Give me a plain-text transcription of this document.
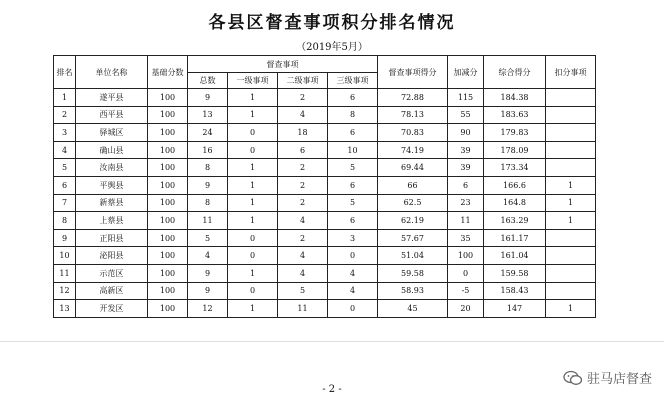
各县区督查事项积分排名情况
（2019年5月）
排名	单位名称	基础分数	督查事项				督查事项得分	加减分	综合得分	扣分事项
			总数	一级事项	二级事项	三级事项				
1	遂平县	100	9	1	2	6	72.88	115	184.38	
2	西平县	100	13	1	4	8	78.13	55	183.63	
3	驿城区	100	24	0	18	6	70.83	90	179.83	
4	确山县	100	16	0	6	10	74.19	39	178.09	
5	汝南县	100	8	1	2	5	69.44	39	173.34	
6	平舆县	100	9	1	2	6	66	6	166.6	1
7	新蔡县	100	8	1	2	5	62.5	23	164.8	1
8	上蔡县	100	11	1	4	6	62.19	11	163.29	1
9	正阳县	100	5	0	2	3	57.67	35	161.17	
10	泌阳县	100	4	0	4	0	51.04	100	161.04	
11	示范区	100	9	1	4	4	59.58	0	159.58	
12	高新区	100	9	0	5	4	58.93	-5	158.43	
13	开发区	100	12	1	11	0	45	20	147	1
- 2 -
驻马店督查
